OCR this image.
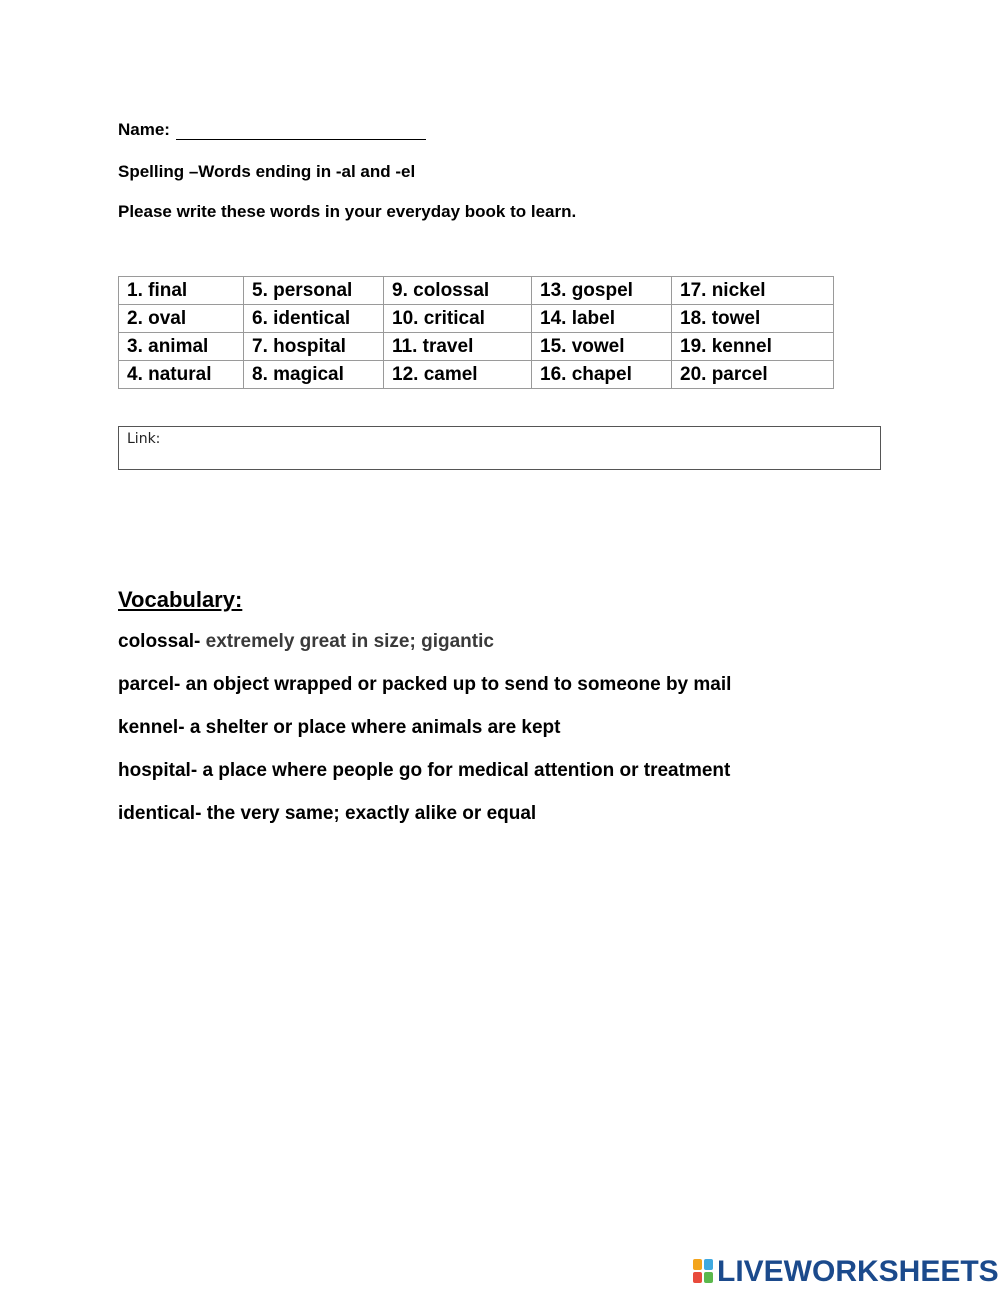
Name:
Spelling –Words ending in -al and -el
Please write these words in your everyday book to learn.
1. final	5. personal	9. colossal	13. gospel	17. nickel
2. oval	6. identical	10. critical	14. label	18. towel
3. animal	7. hospital	11. travel	15. vowel	19. kennel
4. natural	8. magical	12. camel	16. chapel	20. parcel
Link:
Vocabulary:
colossal- extremely great in size; gigantic
parcel- an object wrapped or packed up to send to someone by mail
kennel- a shelter or place where animals are kept
hospital- a place where people go for medical attention or treatment
identical- the very same; exactly alike or equal
LIVEWORKSHEETS
